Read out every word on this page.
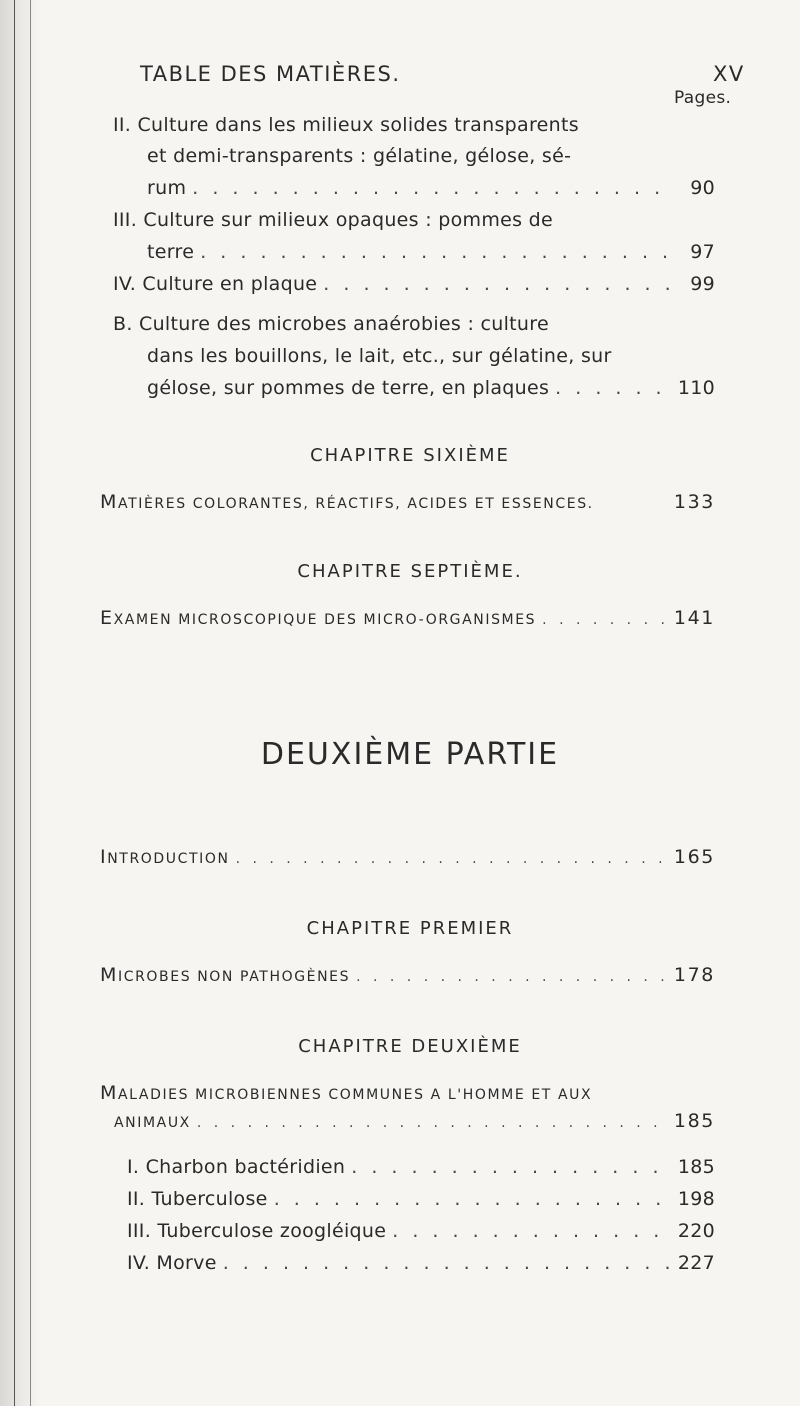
TABLE DES MATIÈRES.	XV
Pages.
II. Culture dans les milieux solides transparents
et demi-transparents : gélatine, gélose, sé-
rum . . .	90
III. Culture sur milieux opaques : pommes de
terre . . .	97
IV. Culture en plaque . . .	99
B. Culture des microbes anaérobies : culture
dans les bouillons, le lait, etc., sur gélatine, sur
gélose, sur pommes de terre, en plaques . . .	110
CHAPITRE SIXIÈME
MATIÈRES COLORANTES, RÉACTIFS, ACIDES ET ESSENCES.	133
CHAPITRE SEPTIÈME.
EXAMEN MICROSCOPIQUE DES MICRO-ORGANISMES . . .	141
DEUXIÈME PARTIE
INTRODUCTION . . .	165
CHAPITRE PREMIER
MICROBES NON PATHOGÈNES . . .	178
CHAPITRE DEUXIÈME
MALADIES MICROBIENNES COMMUNES A L'HOMME ET AUX
ANIMAUX . . .	185
I. Charbon bactéridien . . .	185
II. Tuberculose . . .	198
III. Tuberculose zoogléique . . .	220
IV. Morve . . .	227
